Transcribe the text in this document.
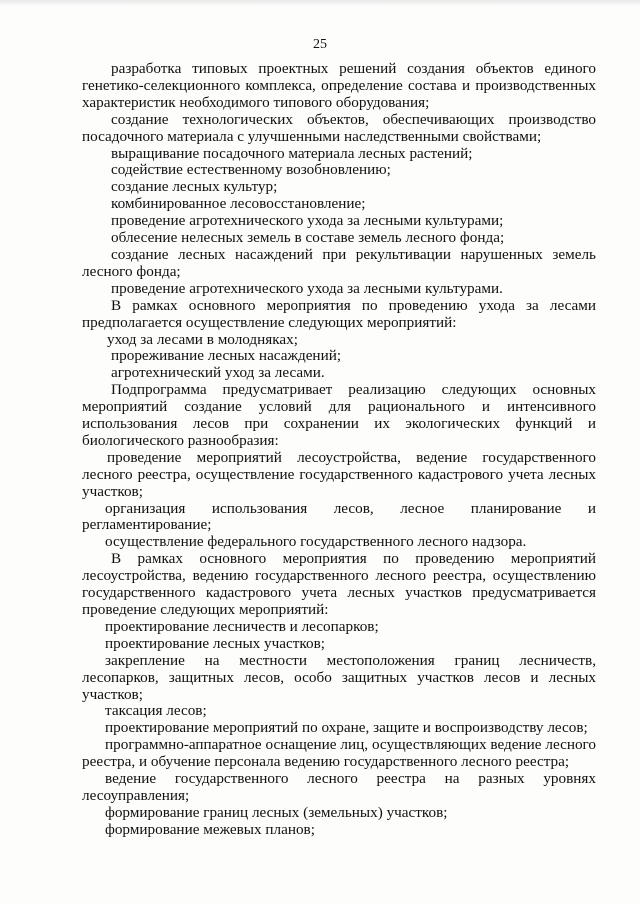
25

разработка типовых проектных решений создания объектов единого генетико-селекционного комплекса, определение состава и производственных характеристик необходимого типового оборудования;

создание технологических объектов, обеспечивающих производство посадочного материала с улучшенными наследственными свойствами;

выращивание посадочного материала лесных растений;

содействие естественному возобновлению;

создание лесных культур;

комбинированное лесовосстановление;

проведение агротехнического ухода за лесными культурами;

облесение нелесных земель в составе земель лесного фонда;

создание лесных насаждений при рекультивации нарушенных земель лесного фонда;

проведение агротехнического ухода за лесными культурами.

В рамках основного мероприятия по проведению ухода за лесами предполагается осуществление следующих мероприятий:

уход за лесами в молодняках;

прореживание лесных насаждений;

агротехнический уход за лесами.

Подпрограмма предусматривает реализацию следующих основных мероприятий создание условий для рационального и интенсивного использования лесов при сохранении их экологических функций и биологического разнообразия:

проведение мероприятий лесоустройства, ведение государственного лесного реестра, осуществление государственного кадастрового учета лесных участков;

организация использования лесов, лесное планирование и регламентирование;

осуществление федерального государственного лесного надзора.

В рамках основного мероприятия по проведению мероприятий лесоустройства, ведению государственного лесного реестра, осуществлению государственного кадастрового учета лесных участков предусматривается проведение следующих мероприятий:

проектирование лесничеств и лесопарков;

проектирование лесных участков;

закрепление на местности местоположения границ лесничеств, лесопарков, защитных лесов, особо защитных участков лесов и лесных участков;

таксация лесов;

проектирование мероприятий по охране, защите и воспроизводству лесов;

программно-аппаратное оснащение лиц, осуществляющих ведение лесного реестра, и обучение персонала ведению государственного лесного реестра;

ведение государственного лесного реестра на разных уровнях лесоуправления;

формирование границ лесных (земельных) участков;

формирование межевых планов;
